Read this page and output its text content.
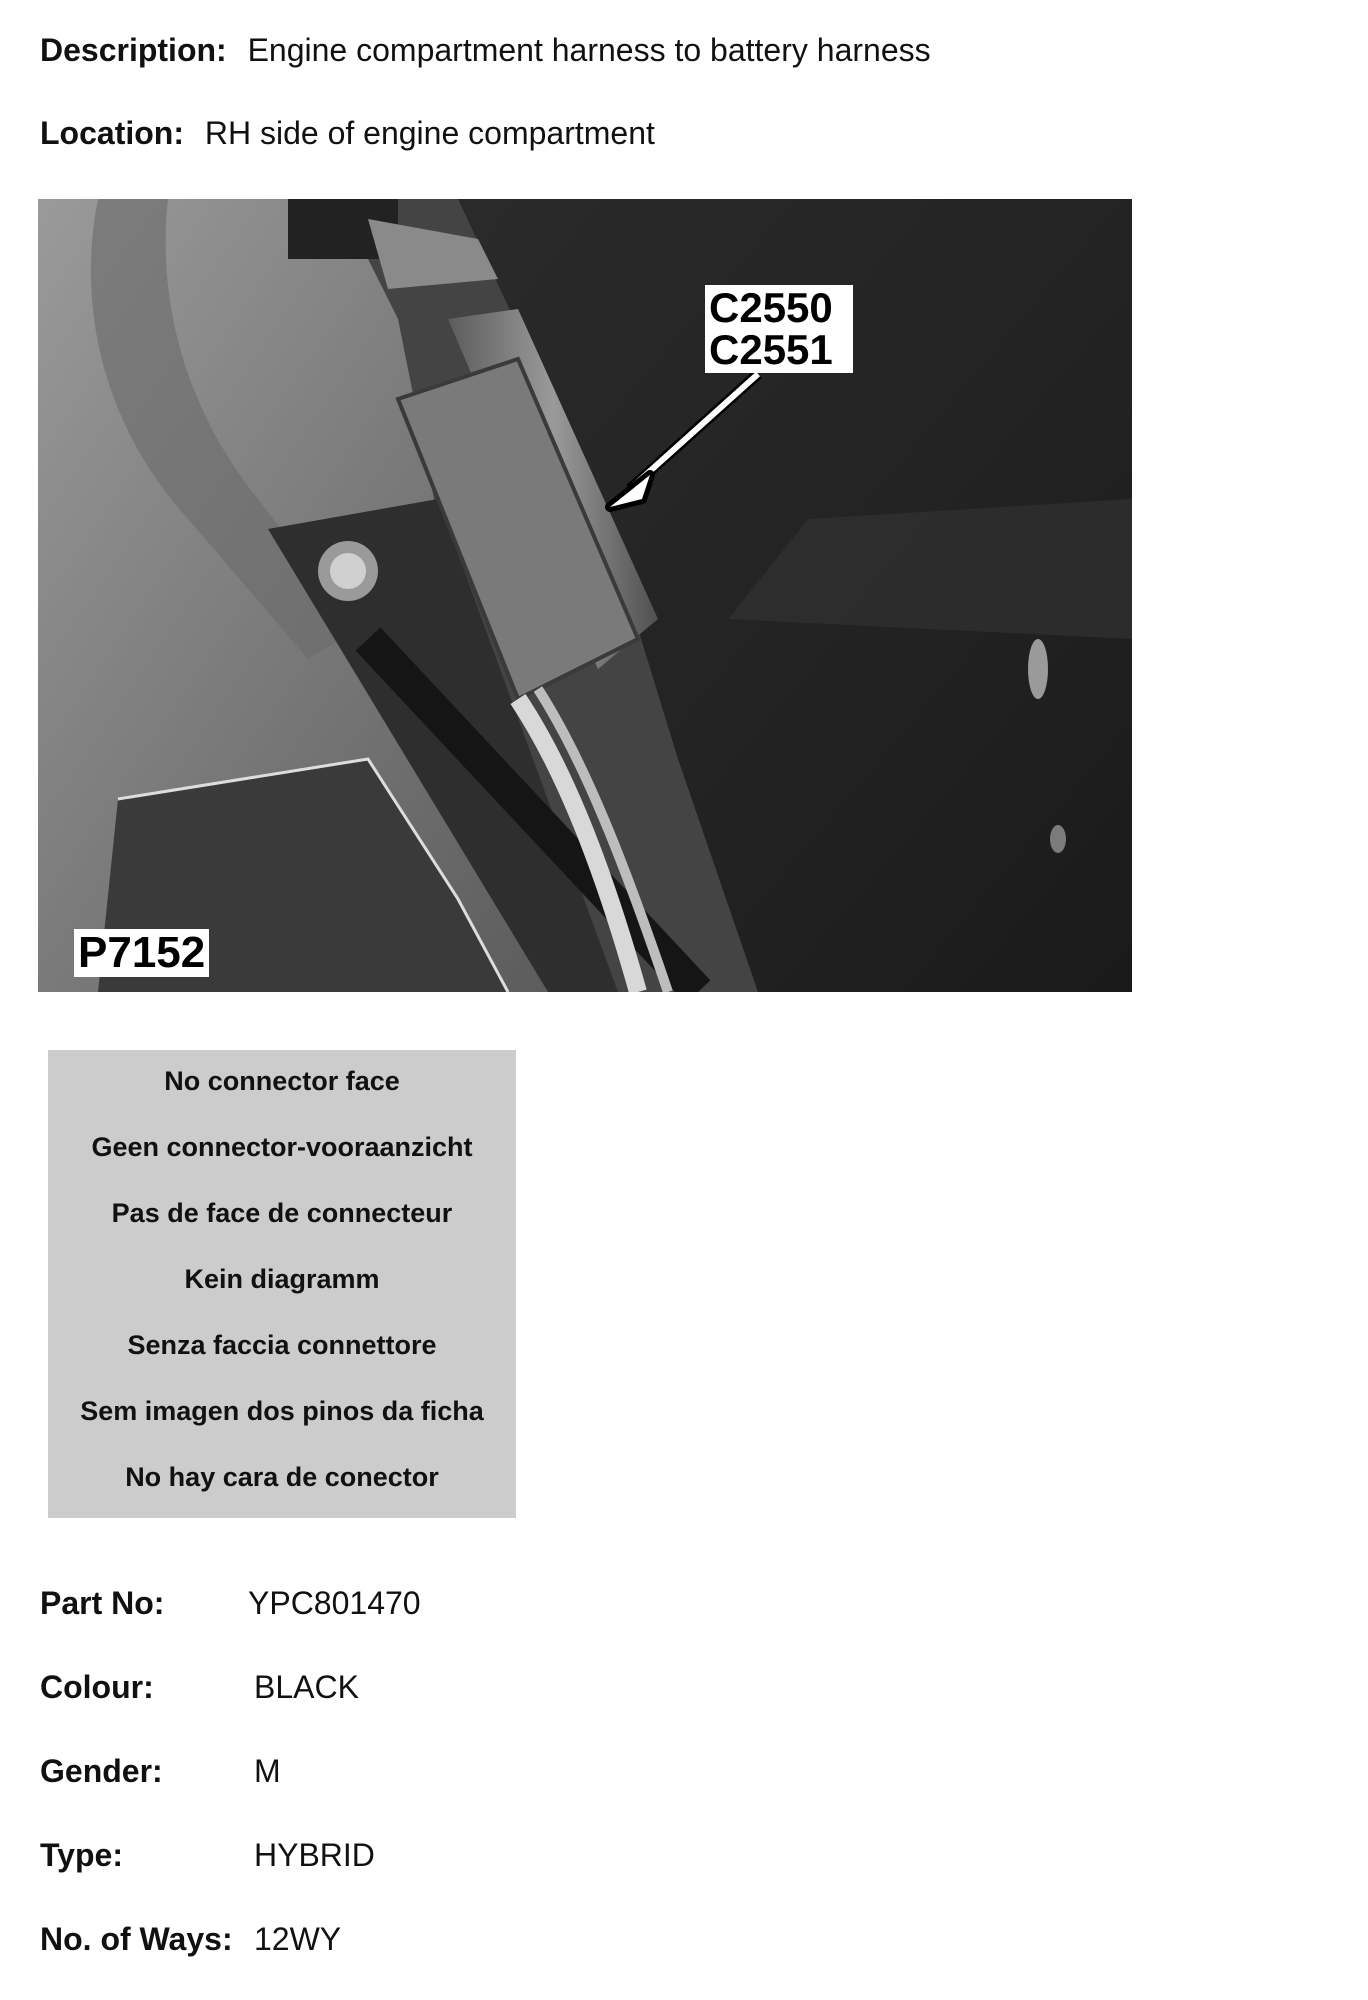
Description: Engine compartment harness to battery harness
Location: RH side of engine compartment
C2550
C2551
P7152
No connector face
Geen connector-vooraanzicht
Pas de face de connecteur
Kein diagramm
Senza faccia connettore
Sem imagen dos pinos da ficha
No hay cara de conector
Part No:	YPC801470
Colour:	BLACK
Gender:	M
Type:	HYBRID
No. of Ways: 12WY
